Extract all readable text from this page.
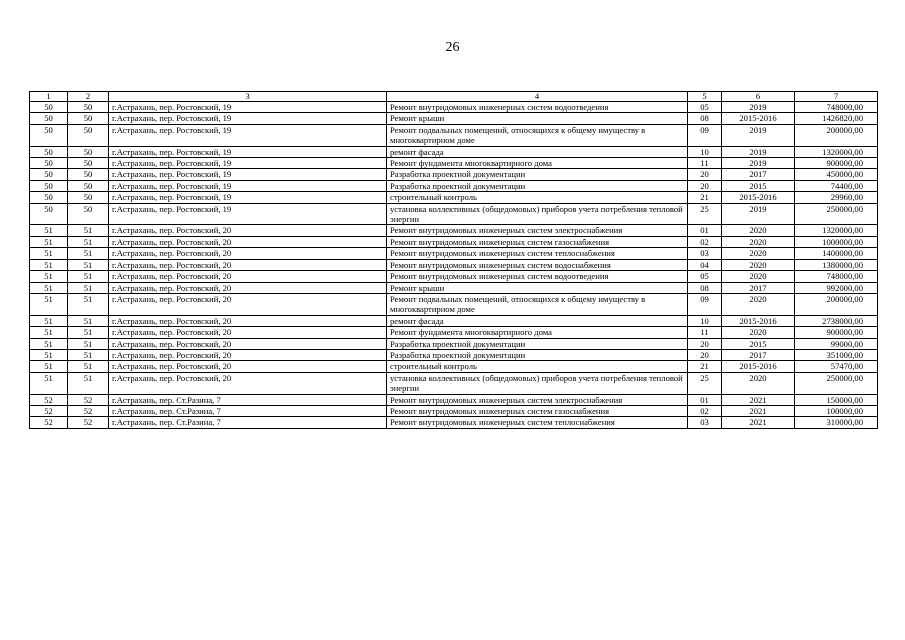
26
1	2	3	4	5	6	7
50	50	г.Астрахань, пер. Ростовский, 19	Ремонт внутридомовых инженерных систем водоотведения	05	2019	748000,00
50	50	г.Астрахань, пер. Ростовский, 19	Ремонт крыши	08	2015-2016	1426820,00
50	50	г.Астрахань, пер. Ростовский, 19	Ремонт подвальных помещений, относящихся к общему имуществу в многоквартирном доме	09	2019	200000,00
50	50	г.Астрахань, пер. Ростовский, 19	ремонт фасада	10	2019	1320000,00
50	50	г.Астрахань, пер. Ростовский, 19	Ремонт фундамента многоквартирного дома	11	2019	900000,00
50	50	г.Астрахань, пер. Ростовский, 19	Разработка проектной документации	20	2017	450000,00
50	50	г.Астрахань, пер. Ростовский, 19	Разработка проектной документации	20	2015	74400,00
50	50	г.Астрахань, пер. Ростовский, 19	строительный контроль	21	2015-2016	29960,00
50	50	г.Астрахань, пер. Ростовский, 19	установка коллективных (общедомовых) приборов учета потребления тепловой энергии	25	2019	250000,00
51	51	г.Астрахань, пер. Ростовский, 20	Ремонт внутридомовых инженерных систем электроснабжения	01	2020	1320000,00
51	51	г.Астрахань, пер. Ростовский, 20	Ремонт внутридомовых инженерных систем газоснабжения	02	2020	1000000,00
51	51	г.Астрахань, пер. Ростовский, 20	Ремонт внутридомовых инженерных систем теплоснабжения	03	2020	1400000,00
51	51	г.Астрахань, пер. Ростовский, 20	Ремонт внутридомовых инженерных систем водоснабжения	04	2020	1380000,00
51	51	г.Астрахань, пер. Ростовский, 20	Ремонт внутридомовых инженерных систем водоотведения	05	2020	748000,00
51	51	г.Астрахань, пер. Ростовский, 20	Ремонт крыши	08	2017	992000,00
51	51	г.Астрахань, пер. Ростовский, 20	Ремонт подвальных помещений, относящихся к общему имуществу в многоквартирном доме	09	2020	200000,00
51	51	г.Астрахань, пер. Ростовский, 20	ремонт фасада	10	2015-2016	2738000,00
51	51	г.Астрахань, пер. Ростовский, 20	Ремонт фундамента многоквартирного дома	11	2020	900000,00
51	51	г.Астрахань, пер. Ростовский, 20	Разработка проектной документации	20	2015	99000,00
51	51	г.Астрахань, пер. Ростовский, 20	Разработка проектной документации	20	2017	351000,00
51	51	г.Астрахань, пер. Ростовский, 20	строительный контроль	21	2015-2016	57470,00
51	51	г.Астрахань, пер. Ростовский, 20	установка коллективных (общедомовых) приборов учета потребления тепловой энергии	25	2020	250000,00
52	52	г.Астрахань, пер. Ст.Разина, 7	Ремонт внутридомовых инженерных систем электроснабжения	01	2021	150000,00
52	52	г.Астрахань, пер. Ст.Разина, 7	Ремонт внутридомовых инженерных систем газоснабжения	02	2021	100000,00
52	52	г.Астрахань, пер. Ст.Разина, 7	Ремонт внутридомовых инженерных систем теплоснабжения	03	2021	310000,00
